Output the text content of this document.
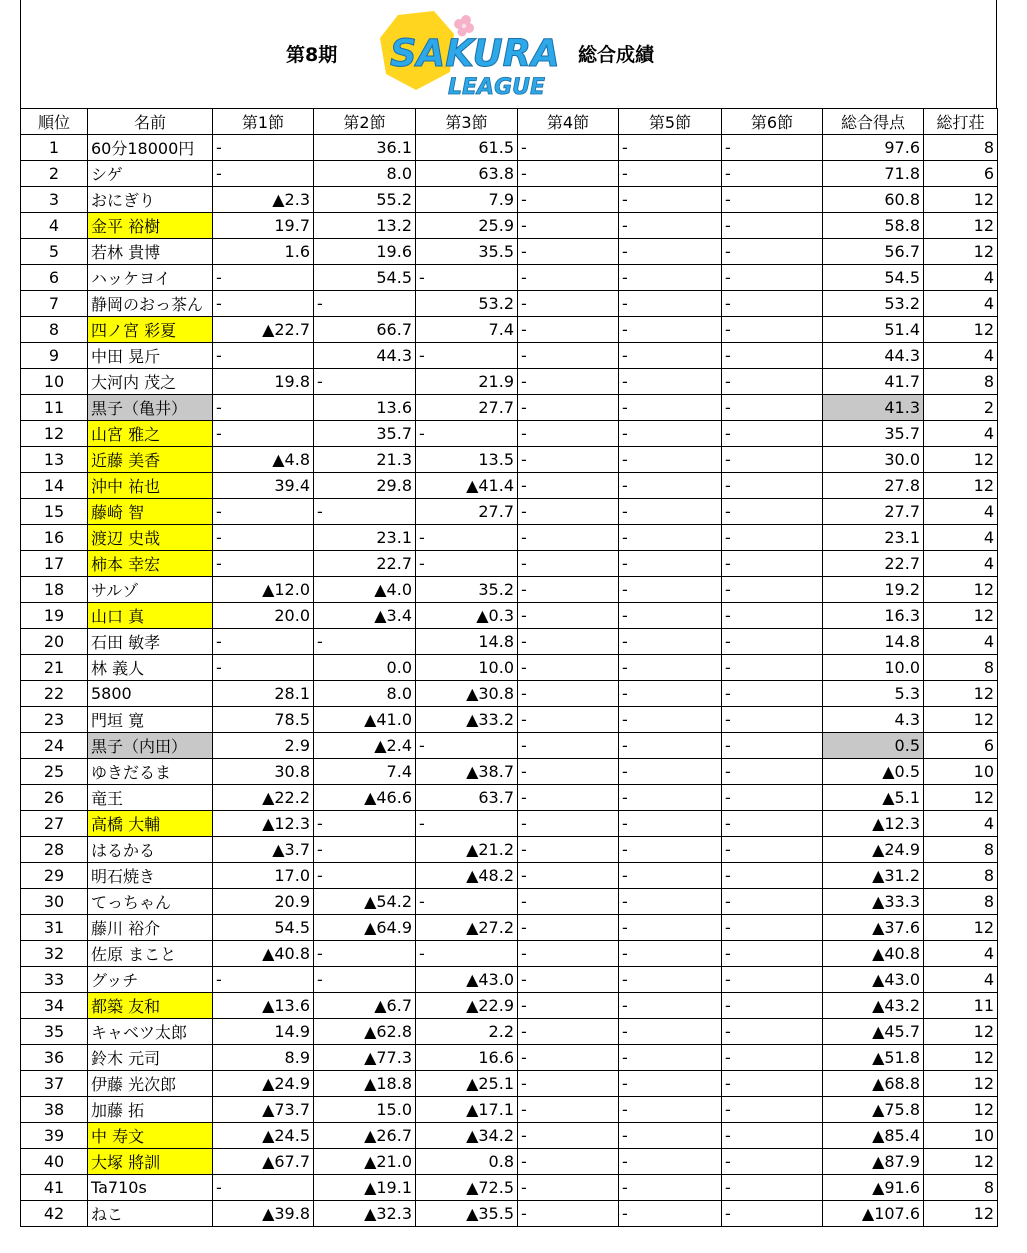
第8期 SAKURA
LEAGUE
総合成績
順位	名前	第1節	第2節	第3節	第4節	第5節	第6節	総合得点	総打荘
1	60分18000円	-	36.1	61.5	-	-	-	97.6	8
2	シゲ	-	8.0	63.8	-	-	-	71.8	6
3	おにぎり	▲2.3	55.2	7.9	-	-	-	60.8	12
4	金平 裕樹	19.7	13.2	25.9	-	-	-	58.8	12
5	若林 貴博	1.6	19.6	35.5	-	-	-	56.7	12
6	ハッケヨイ	-	54.5	-	-	-	-	54.5	4
7	静岡のおっ茶ん	-	-	53.2	-	-	-	53.2	4
8	四ノ宮 彩夏	▲22.7	66.7	7.4	-	-	-	51.4	12
9	中田 晃斤	-	44.3	-	-	-	-	44.3	4
10	大河内 茂之	19.8	-	21.9	-	-	-	41.7	8
11	黒子（亀井）	-	13.6	27.7	-	-	-	41.3	2
12	山宮 雅之	-	35.7	-	-	-	-	35.7	4
13	近藤 美香	▲4.8	21.3	13.5	-	-	-	30.0	12
14	沖中 祐也	39.4	29.8	▲41.4	-	-	-	27.8	12
15	藤崎 智	-	-	27.7	-	-	-	27.7	4
16	渡辺 史哉	-	23.1	-	-	-	-	23.1	4
17	柿本 幸宏	-	22.7	-	-	-	-	22.7	4
18	サルゾ	▲12.0	▲4.0	35.2	-	-	-	19.2	12
19	山口 真	20.0	▲3.4	▲0.3	-	-	-	16.3	12
20	石田 敏孝	-	-	14.8	-	-	-	14.8	4
21	林 義人	-	0.0	10.0	-	-	-	10.0	8
22	5800	28.1	8.0	▲30.8	-	-	-	5.3	12
23	門垣 寛	78.5	▲41.0	▲33.2	-	-	-	4.3	12
24	黒子（内田）	2.9	▲2.4	-	-	-	-	0.5	6
25	ゆきだるま	30.8	7.4	▲38.7	-	-	-	▲0.5	10
26	竜王	▲22.2	▲46.6	63.7	-	-	-	▲5.1	12
27	高橋 大輔	▲12.3	-	-	-	-	-	▲12.3	4
28	はるかる	▲3.7	-	▲21.2	-	-	-	▲24.9	8
29	明石焼き	17.0	-	▲48.2	-	-	-	▲31.2	8
30	てっちゃん	20.9	▲54.2	-	-	-	-	▲33.3	8
31	藤川 裕介	54.5	▲64.9	▲27.2	-	-	-	▲37.6	12
32	佐原 まこと	▲40.8	-	-	-	-	-	▲40.8	4
33	グッチ	-	-	▲43.0	-	-	-	▲43.0	4
34	都築 友和	▲13.6	▲6.7	▲22.9	-	-	-	▲43.2	11
35	キャベツ太郎	14.9	▲62.8	2.2	-	-	-	▲45.7	12
36	鈴木 元司	8.9	▲77.3	16.6	-	-	-	▲51.8	12
37	伊藤 光次郎	▲24.9	▲18.8	▲25.1	-	-	-	▲68.8	12
38	加藤 拓	▲73.7	15.0	▲17.1	-	-	-	▲75.8	12
39	中 寿文	▲24.5	▲26.7	▲34.2	-	-	-	▲85.4	10
40	大塚 將訓	▲67.7	▲21.0	0.8	-	-	-	▲87.9	12
41	Ta710s	-	▲19.1	▲72.5	-	-	-	▲91.6	8
42	ねこ	▲39.8	▲32.3	▲35.5	-	-	-	▲107.6	12
